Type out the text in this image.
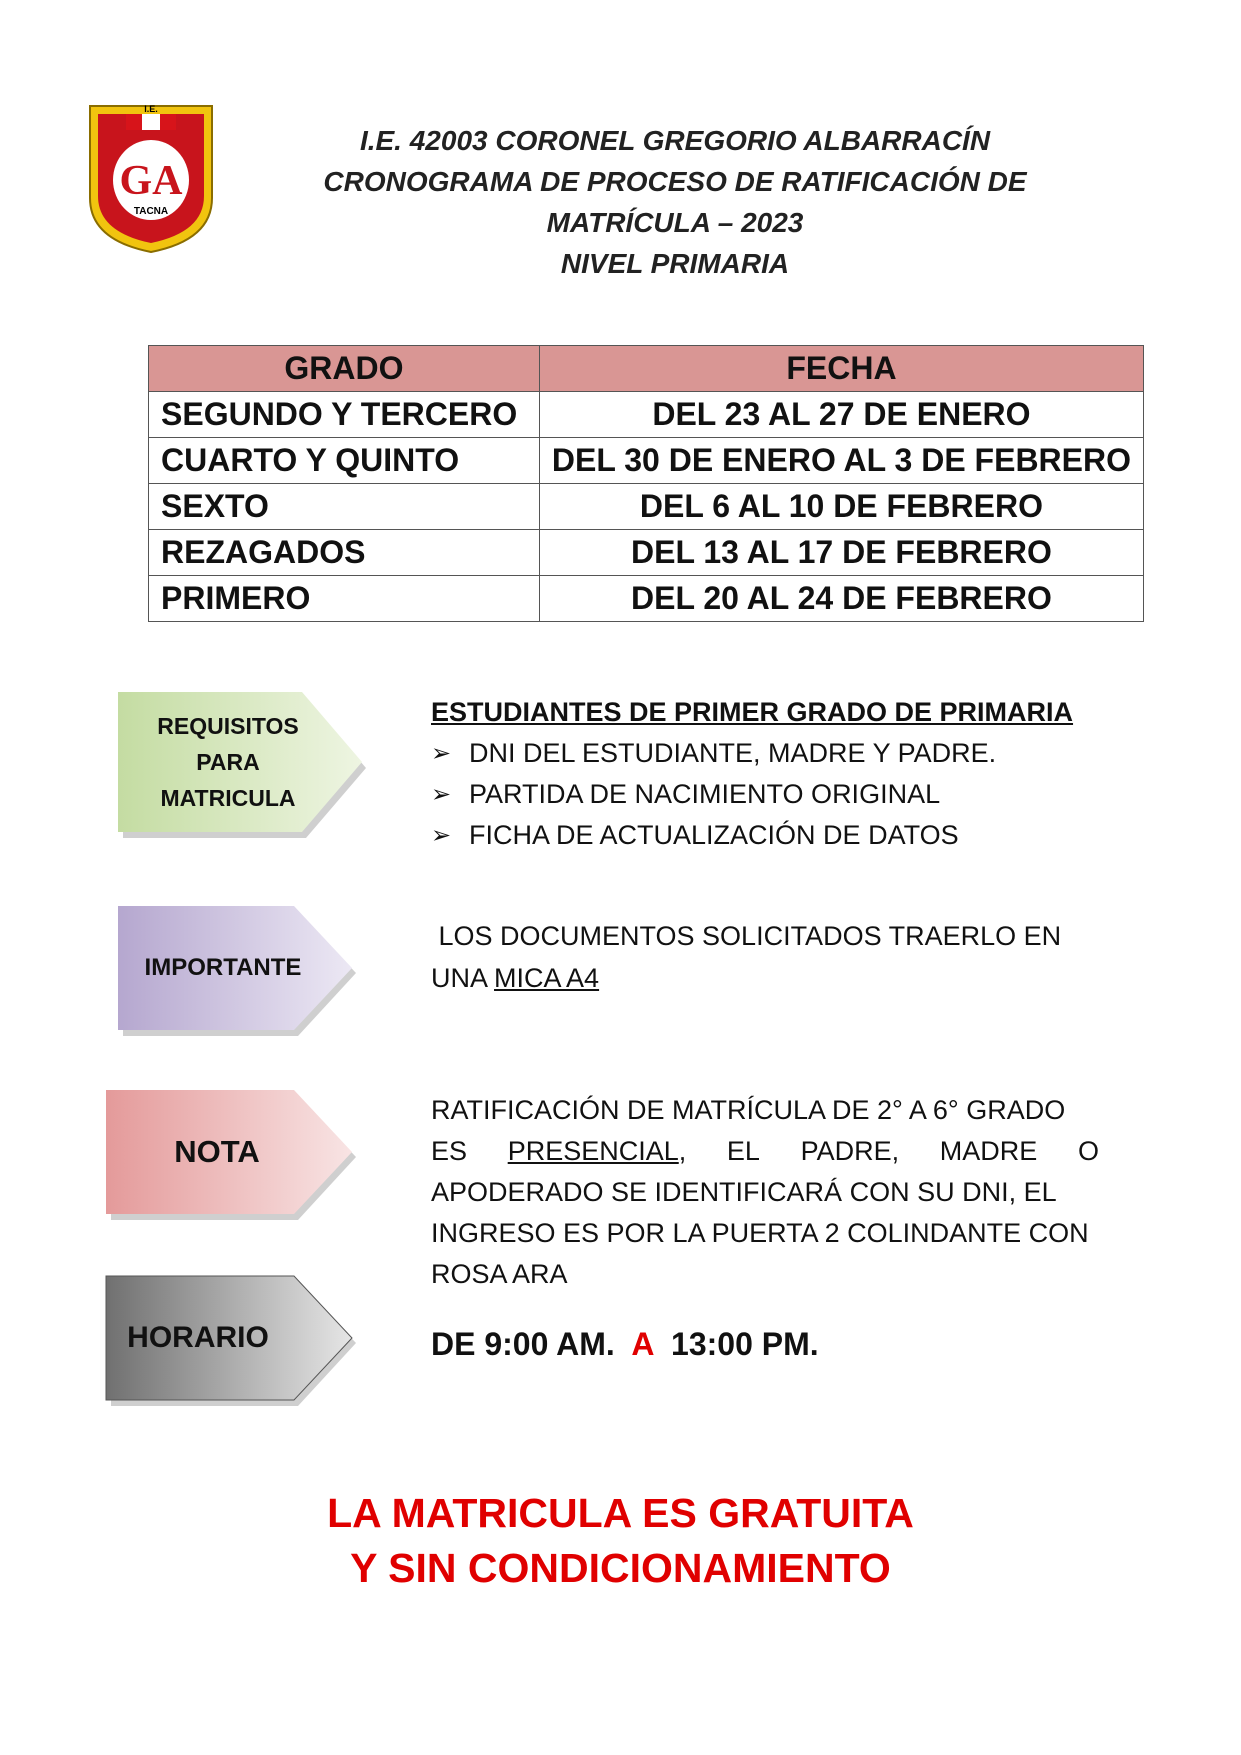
I.E.
GA
TACNA
I.E. 42003 CORONEL GREGORIO ALBARRACÍN
CRONOGRAMA DE PROCESO DE RATIFICACIÓN DE
MATRÍCULA – 2023
NIVEL PRIMARIA
GRADO	FECHA
SEGUNDO Y TERCERO	DEL 23 AL 27 DE ENERO
CUARTO Y QUINTO	DEL 30 DE ENERO AL 3 DE FEBRERO
SEXTO	DEL 6 AL 10 DE FEBRERO
REZAGADOS	DEL 13 AL 17 DE FEBRERO
PRIMERO	DEL 20 AL 24 DE FEBRERO
REQUISITOS
PARA
MATRICULA
ESTUDIANTES DE PRIMER GRADO DE PRIMARIA
➢ DNI DEL ESTUDIANTE, MADRE Y PADRE.
➢ PARTIDA DE NACIMIENTO ORIGINAL
➢ FICHA DE ACTUALIZACIÓN DE DATOS
IMPORTANTE
LOS DOCUMENTOS SOLICITADOS TRAERLO EN
UNA MICA A4
NOTA
RATIFICACIÓN DE MATRÍCULA DE 2° A 6° GRADO
ES PRESENCIAL, EL PADRE, MADRE O
APODERADO SE IDENTIFICARÁ CON SU DNI, EL
INGRESO ES POR LA PUERTA 2 COLINDANTE CON
ROSA ARA
HORARIO	DE 9:00 AM.  A  13:00 PM.
LA MATRICULA ES GRATUITA
Y SIN CONDICIONAMIENTO
